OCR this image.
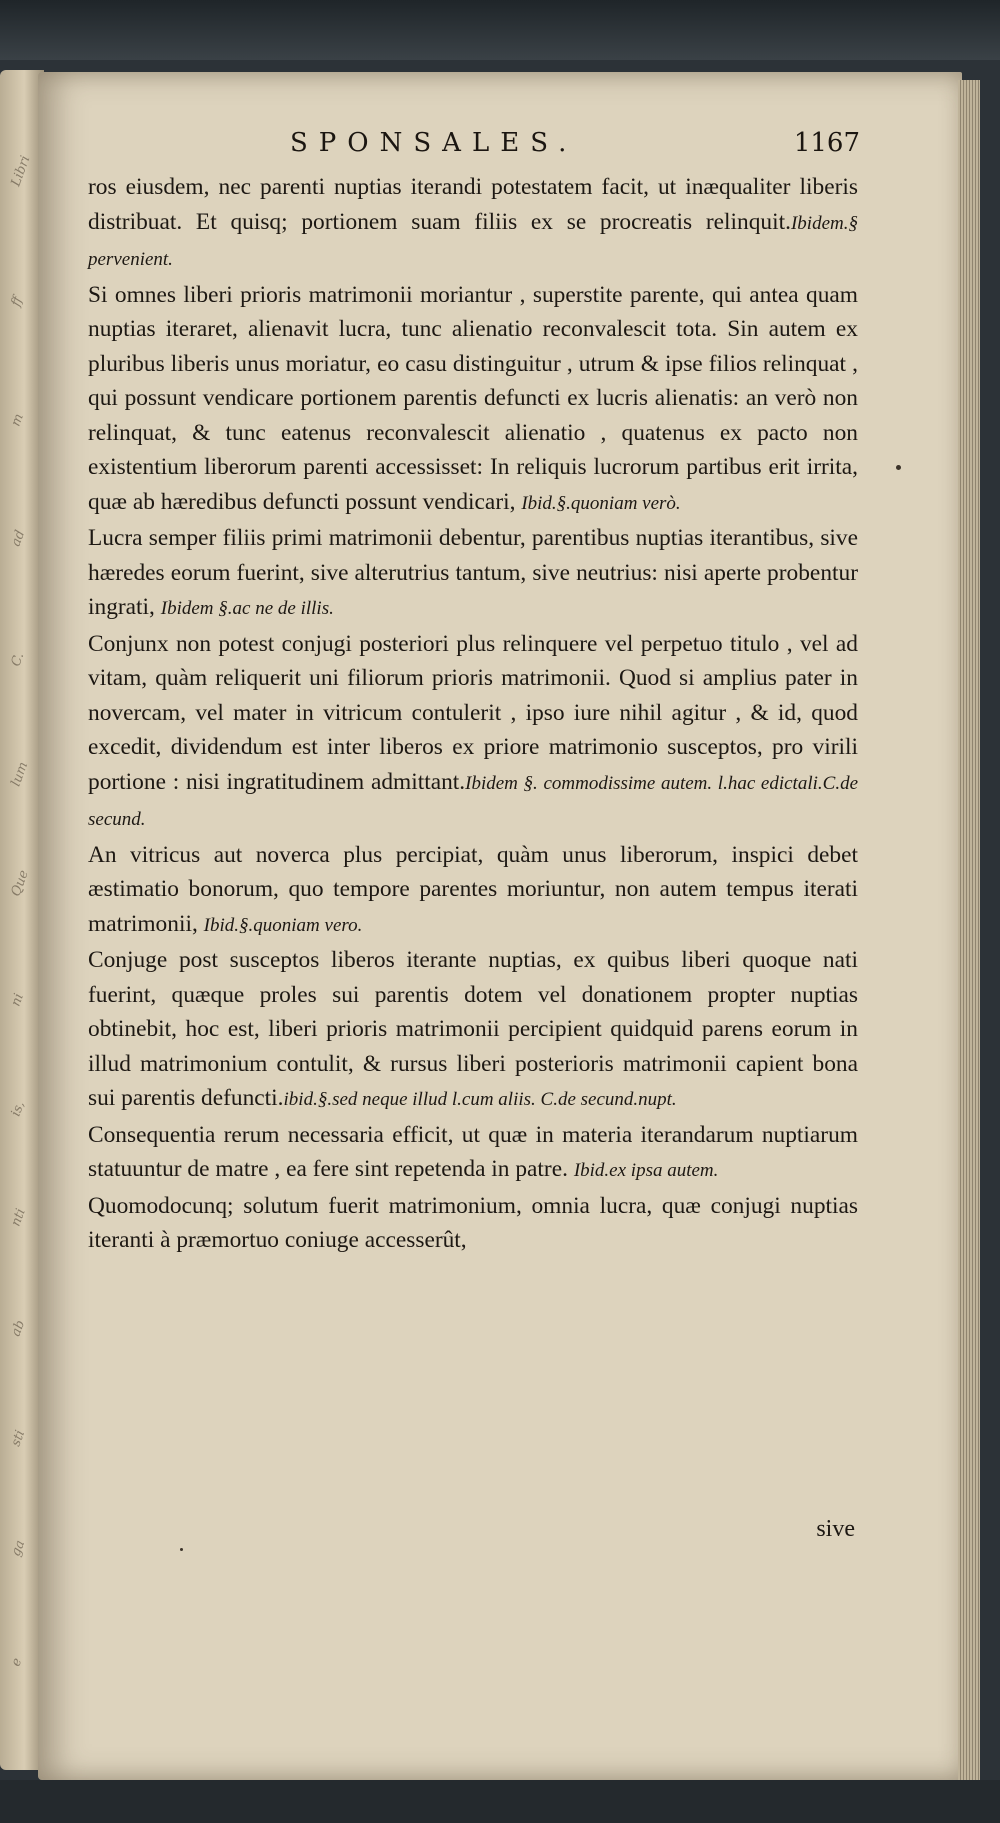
Libri
ff
m
ad
C.
lum
Que
ni
is,
nti
ab
sti
ga
e
SPONSALES.	1167

ros eiusdem, nec parenti nuptias iterandi potestatem facit, ut inæqualiter liberis distribuat. Et quisq; portionem suam filiis ex se procreatis relinquit.Ibidem.§ pervenient.

Si omnes liberi prioris matrimonii moriantur , superstite parente, qui antea quam nuptias iteraret, alienavit lucra, tunc alienatio reconvalescit tota. Sin autem ex pluribus liberis unus moriatur, eo casu distinguitur , utrum & ipse filios relinquat , qui possunt vendicare portionem parentis defuncti ex lucris alienatis: an verò non relinquat, & tunc eatenus reconvalescit alienatio , quatenus ex pacto non existentium liberorum parenti accessisset: In reliquis lucrorum partibus erit irrita, quæ ab hæredibus defuncti possunt vendicari, Ibid.§.quoniam verò.

Lucra semper filiis primi matrimonii debentur, parentibus nuptias iterantibus, sive hæredes eorum fuerint, sive alterutrius tantum, sive neutrius: nisi aperte probentur ingrati, Ibidem §.ac ne de illis.

Conjunx non potest conjugi posteriori plus relinquere vel perpetuo titulo , vel ad vitam, quàm reliquerit uni filiorum prioris matrimonii. Quod si amplius pater in novercam, vel mater in vitricum contulerit , ipso iure nihil agitur , & id, quod excedit, dividendum est inter liberos ex priore matrimonio susceptos, pro virili portione : nisi ingratitudinem admittant.Ibidem §. commodissime autem. l.hac edictali.C.de secund.

An vitricus aut noverca plus percipiat, quàm unus liberorum, inspici debet æstimatio bonorum, quo tempore parentes moriuntur, non autem tempus iterati matrimonii, Ibid.§.quoniam vero.

Conjuge post susceptos liberos iterante nuptias, ex quibus liberi quoque nati fuerint, quæque proles sui parentis dotem vel donationem propter nuptias obtinebit, hoc est, liberi prioris matrimonii percipient quidquid parens eorum in illud matrimonium contulit, & rursus liberi posterioris matrimonii capient bona sui parentis defuncti.ibid.§.sed neque illud l.cum aliis. C.de secund.nupt.

Consequentia rerum necessaria efficit, ut quæ in materia iterandarum nuptiarum statuuntur de matre , ea fere sint repetenda in patre. Ibid.ex ipsa autem.

Quomodocunq; solutum fuerit matrimonium, omnia lucra, quæ conjugi nuptias iteranti à præmortuo coniuge accesserût,

sive
